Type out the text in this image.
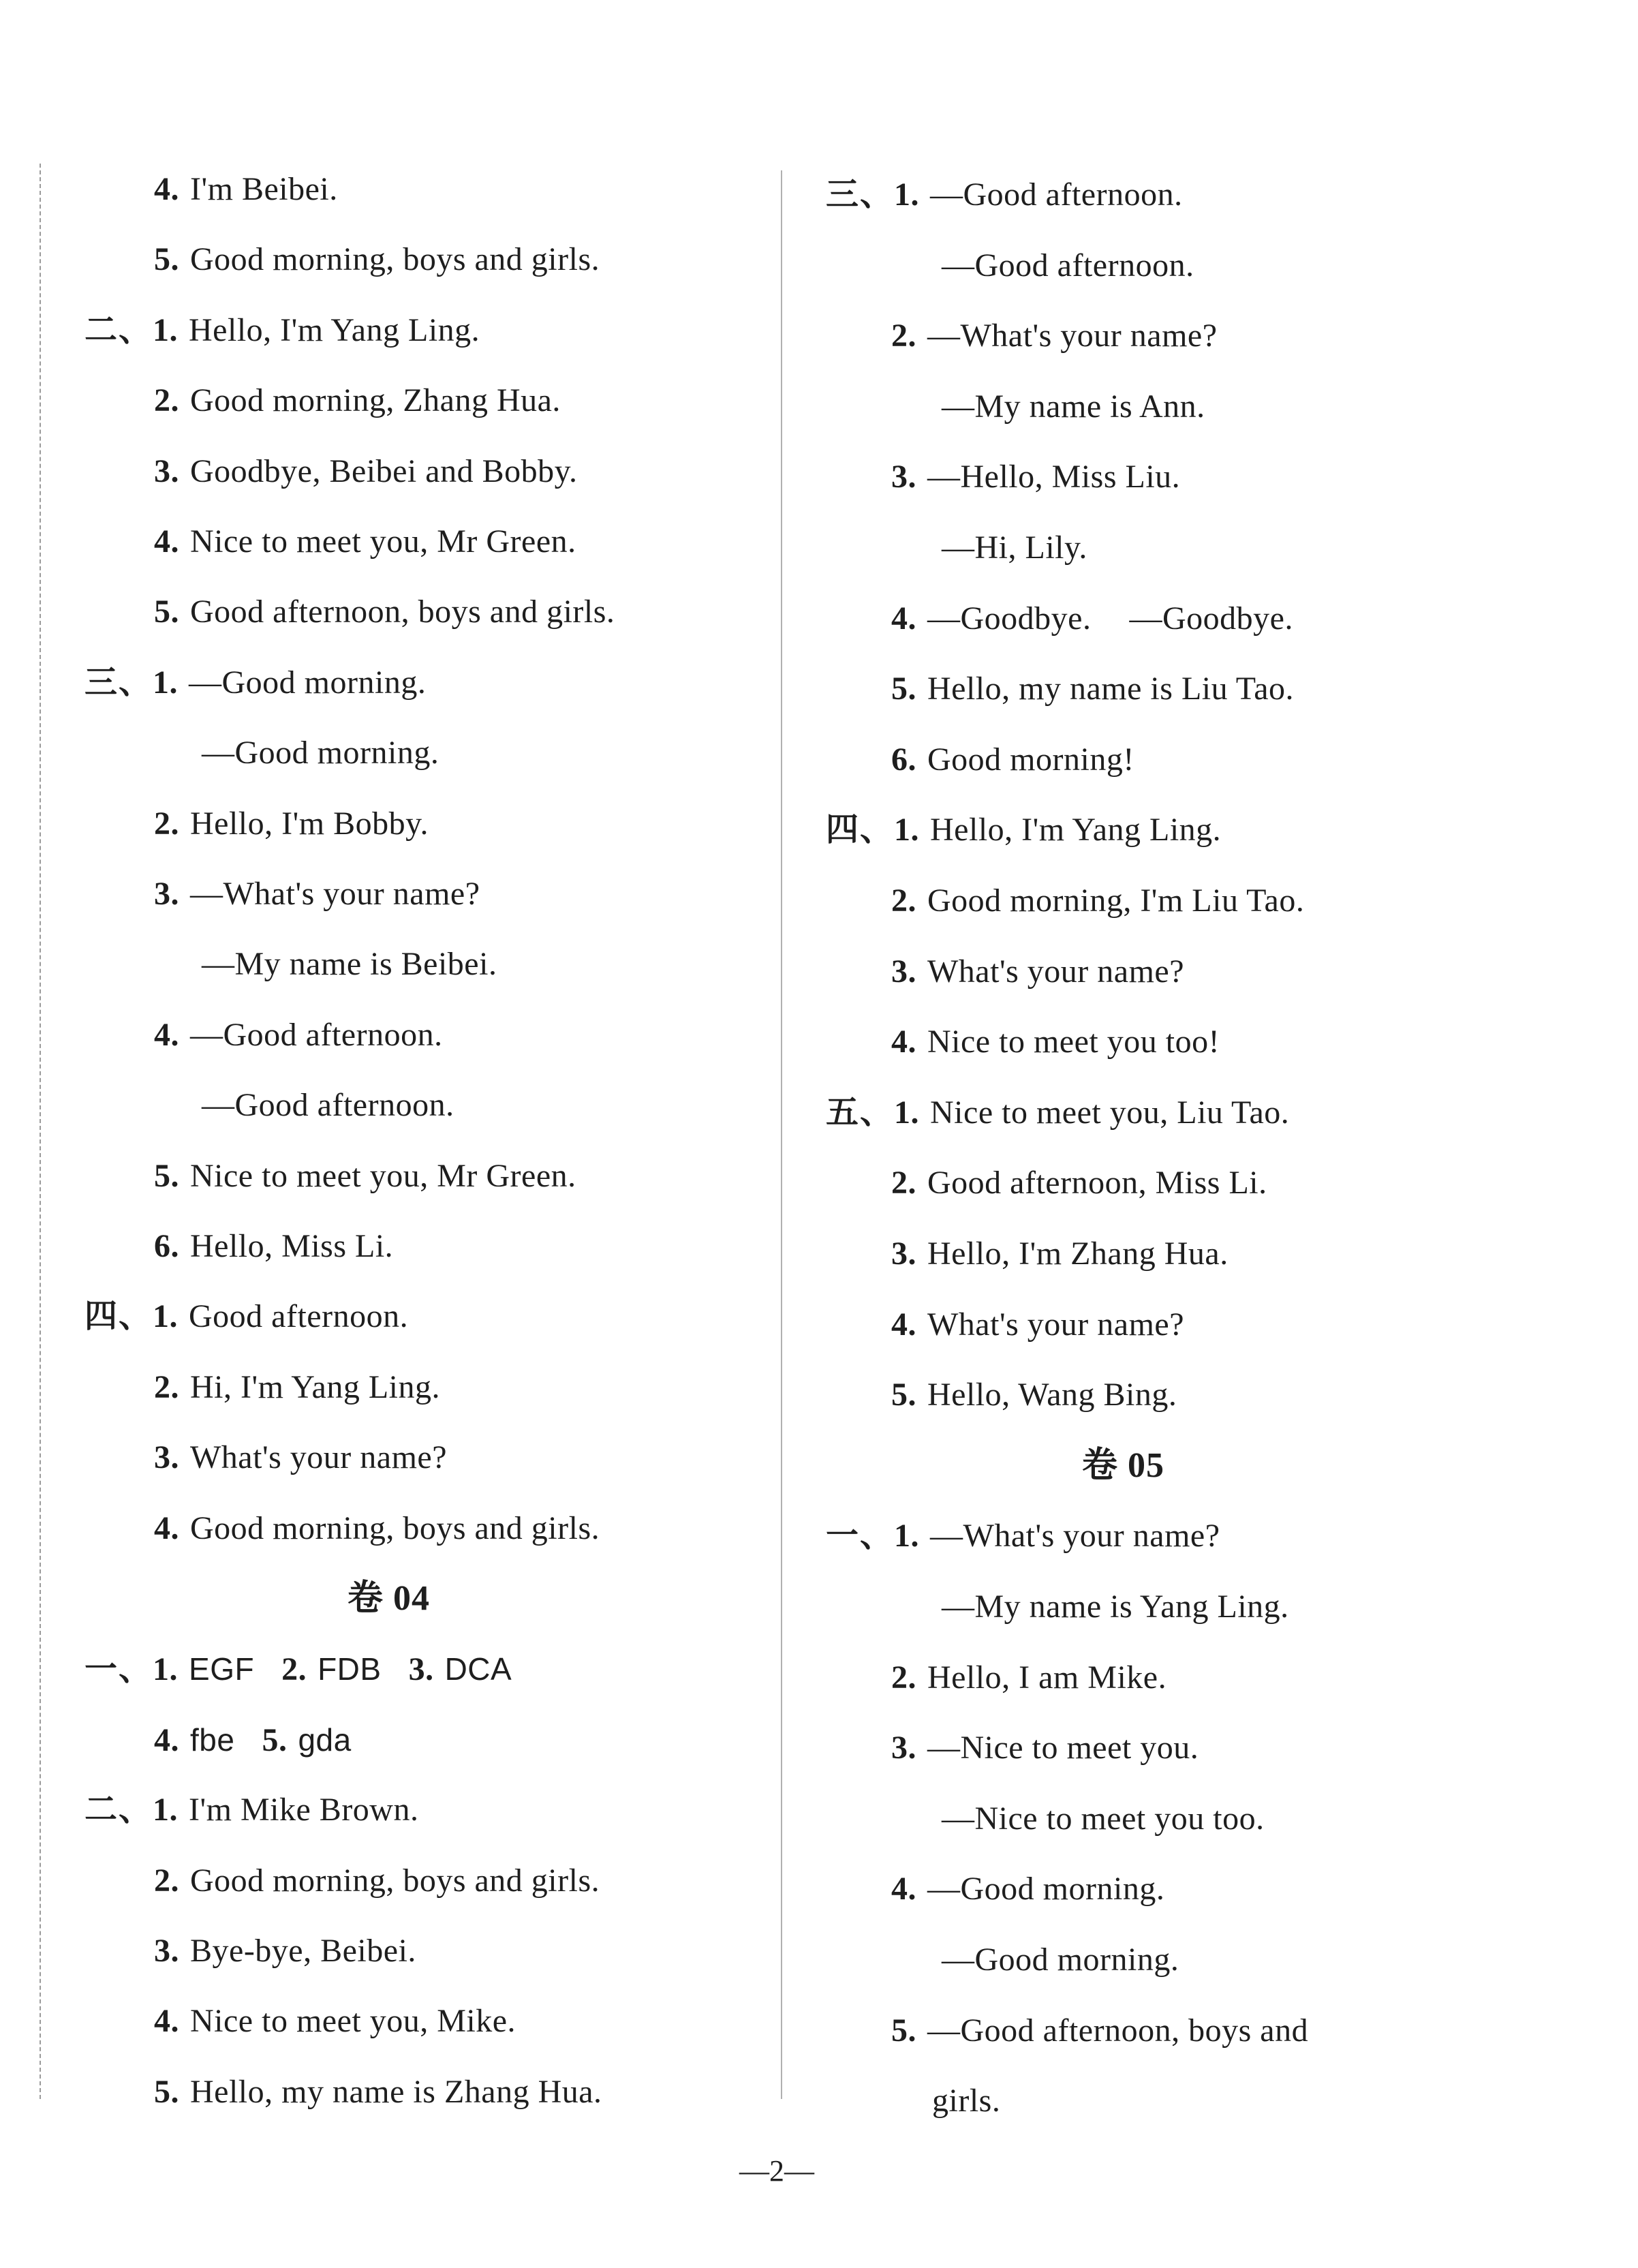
4. I'm Beibei.
5. Good morning, boys and girls.
二、1. Hello, I'm Yang Ling.
2. Good morning, Zhang Hua.
3. Goodbye, Beibei and Bobby.
4. Nice to meet you, Mr Green.
5. Good afternoon, boys and girls.
三、1. —Good morning.
—Good morning.
2. Hello, I'm Bobby.
3. —What's your name?
—My name is Beibei.
4. —Good afternoon.
—Good afternoon.
5. Nice to meet you, Mr Green.
6. Hello, Miss Li.
四、1. Good afternoon.
2. Hi, I'm Yang Ling.
3. What's your name?
4. Good morning, boys and girls.
卷 04
一、1. EGF 2. FDB 3. DCA
4. fbe 5. gda
二、1. I'm Mike Brown.
2. Good morning, boys and girls.
3. Bye-bye, Beibei.
4. Nice to meet you, Mike.
5. Hello, my name is Zhang Hua.
三、1. —Good afternoon.
—Good afternoon.
2. —What's your name?
—My name is Ann.
3. —Hello, Miss Liu.
—Hi, Lily.
4. —Goodbye. —Goodbye.
5. Hello, my name is Liu Tao.
6. Good morning!
四、1. Hello, I'm Yang Ling.
2. Good morning, I'm Liu Tao.
3. What's your name?
4. Nice to meet you too!
五、1. Nice to meet you, Liu Tao.
2. Good afternoon, Miss Li.
3. Hello, I'm Zhang Hua.
4. What's your name?
5. Hello, Wang Bing.
卷 05
一、1. —What's your name?
—My name is Yang Ling.
2. Hello, I am Mike.
3. —Nice to meet you.
—Nice to meet you too.
4. —Good morning.
—Good morning.
5. —Good afternoon, boys and
girls.
—2—
